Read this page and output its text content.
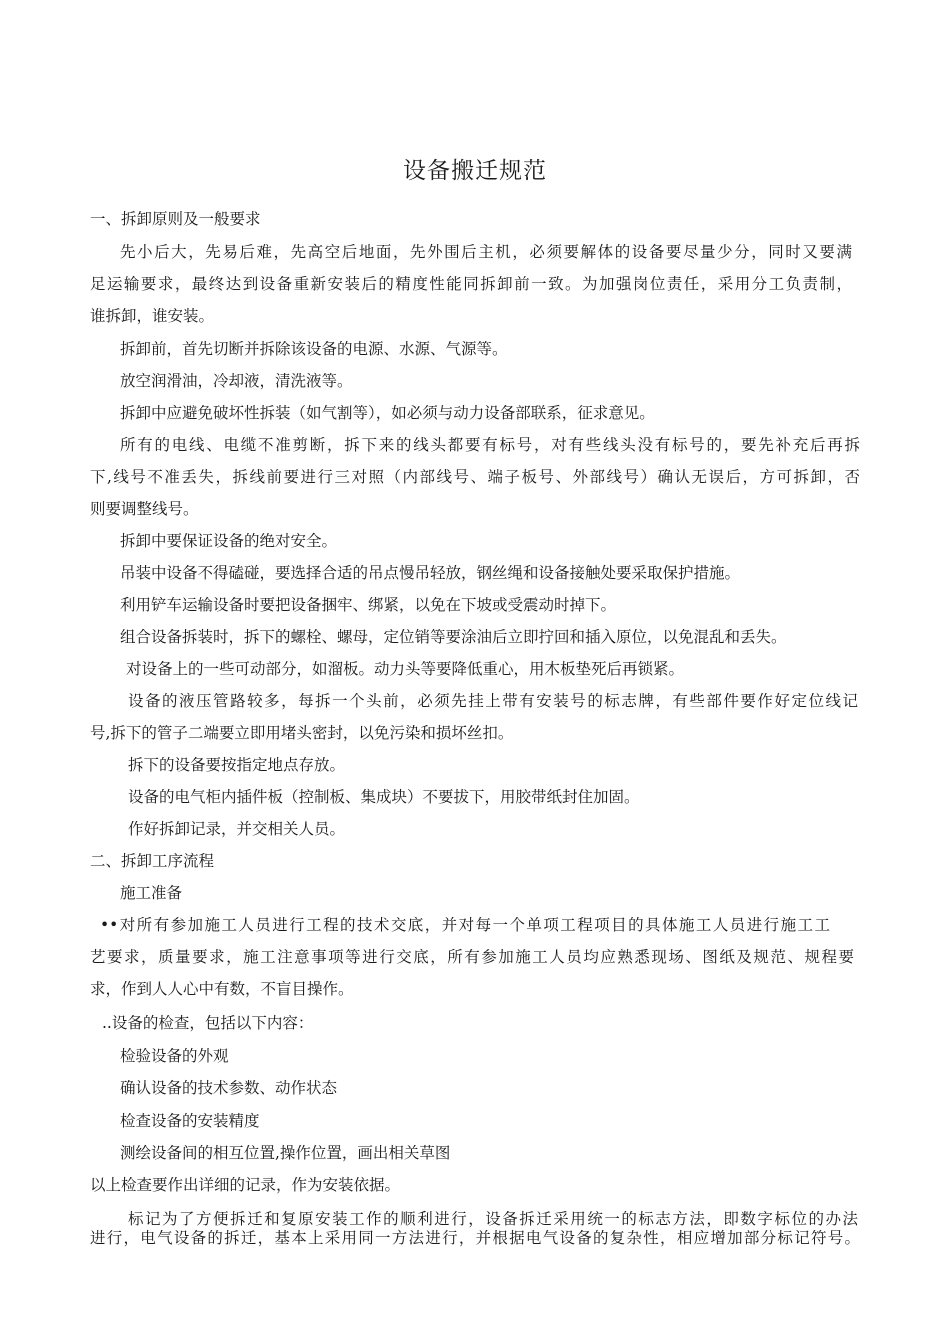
设备搬迁规范
一、拆卸原则及一般要求
先小后大，先易后难，先高空后地面，先外围后主机，必须要解体的设备要尽量少分，同时又要满
足运输要求，最终达到设备重新安装后的精度性能同拆卸前一致。为加强岗位责任，采用分工负责制，
谁拆卸，谁安装。
拆卸前，首先切断并拆除该设备的电源、水源、气源等。
放空润滑油，冷却液，清洗液等。
拆卸中应避免破坏性拆装（如气割等），如必须与动力设备部联系，征求意见。
所有的电线、电缆不准剪断，拆下来的线头都要有标号，对有些线头没有标号的，要先补充后再拆
下,线号不准丢失，拆线前要进行三对照（内部线号、端子板号、外部线号）确认无误后，方可拆卸，否
则要调整线号。
拆卸中要保证设备的绝对安全。
吊装中设备不得磕碰，要选择合适的吊点慢吊轻放，钢丝绳和设备接触处要采取保护措施。
利用铲车运输设备时要把设备捆牢、绑紧，以免在下坡或受震动时掉下。
组合设备拆装时，拆下的螺栓、螺母，定位销等要涂油后立即拧回和插入原位，以免混乱和丢失。
对设备上的一些可动部分，如溜板。动力头等要降低重心，用木板垫死后再锁紧。
设备的液压管路较多，每拆一个头前，必须先挂上带有安装号的标志牌，有些部件要作好定位线记
号,拆下的管子二端要立即用堵头密封，以免污染和损坏丝扣。
拆下的设备要按指定地点存放。
设备的电气柜内插件板（控制板、集成块）不要拔下，用胶带纸封住加固。
作好拆卸记录，并交相关人员。
二、拆卸工序流程
施工准备
••对所有参加施工人员进行工程的技术交底，并对每一个单项工程项目的具体施工人员进行施工工
艺要求，质量要求，施工注意事项等进行交底，所有参加施工人员均应熟悉现场、图纸及规范、规程要
求，作到人人心中有数，不盲目操作。
..设备的检查，包括以下内容：
检验设备的外观
确认设备的技术参数、动作状态
检查设备的安装精度
测绘设备间的相互位置,操作位置，画出相关草图
以上检查要作出详细的记录，作为安装依据。
标记为了方便拆迁和复原安装工作的顺利进行，设备拆迁采用统一的标志方法，即数字标位的办法
进行，电气设备的拆迁，基本上采用同一方法进行，并根据电气设备的复杂性，相应增加部分标记符号。
